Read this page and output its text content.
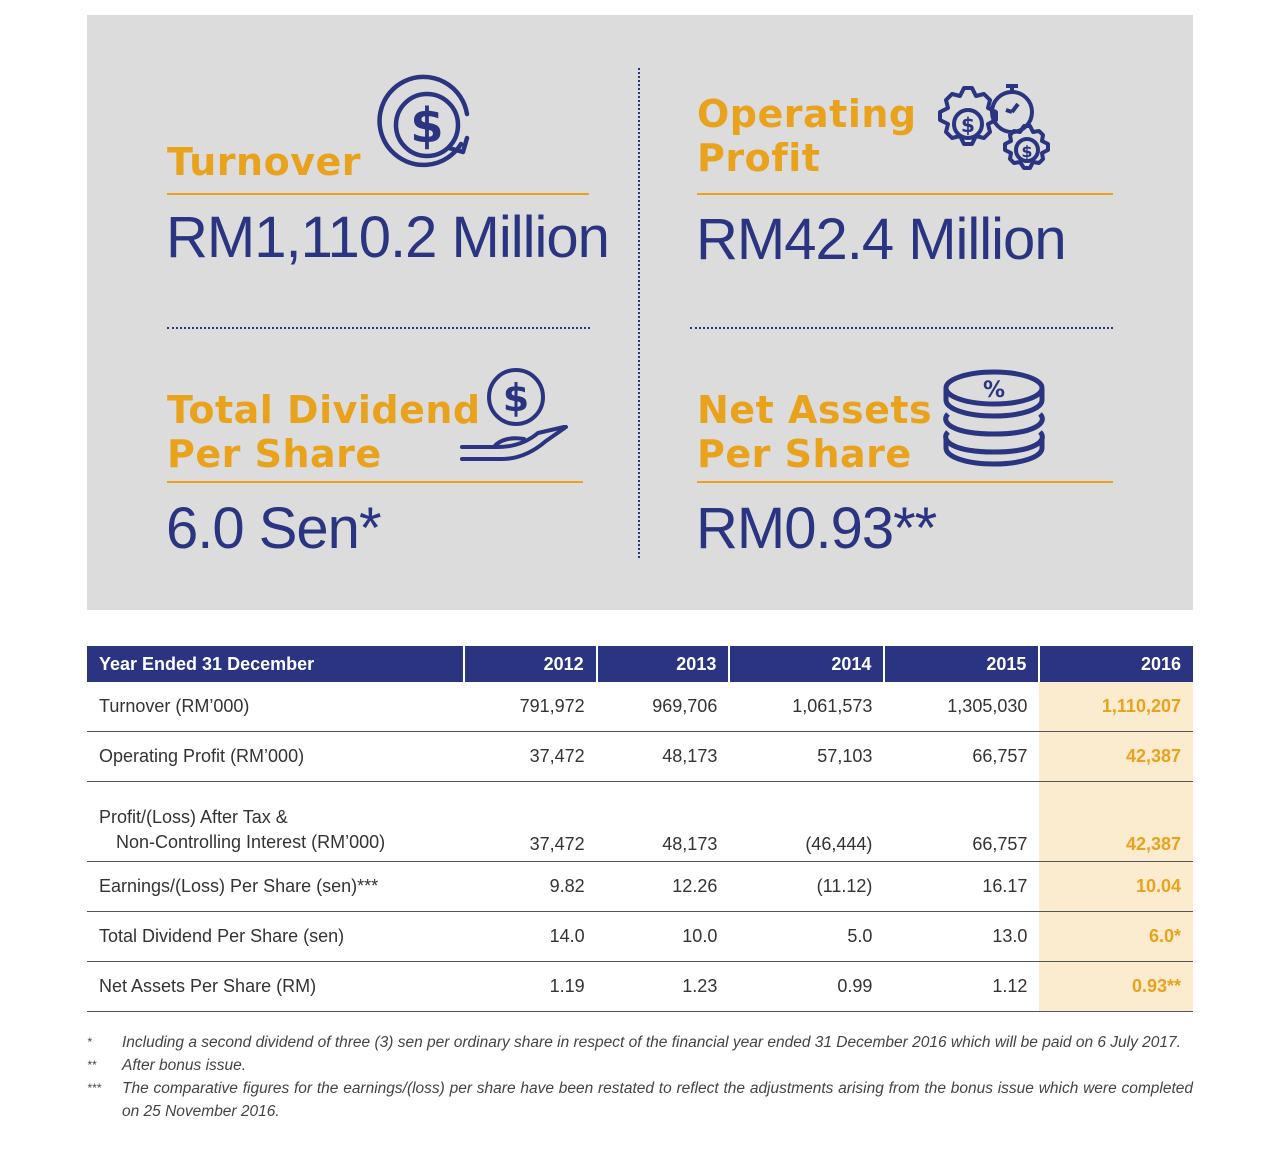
Turnover
$
RM1,110.2 Million
Operating
Profit
$
$
RM42.4 Million
Total Dividend
Per Share
$
6.0 Sen*
Net Assets
Per Share
%
RM0.93**
Year Ended 31 December	2012	2013	2014	2015	2016
Turnover (RM’000)	791,972	969,706	1,061,573	1,305,030	1,110,207
Operating Profit (RM’000)	37,472	48,173	57,103	66,757	42,387
Profit/(Loss) After Tax &
Non-Controlling Interest (RM’000)	37,472	48,173	(46,444)	66,757	42,387
Earnings/(Loss) Per Share (sen)***	9.82	12.26	(11.12)	16.17	10.04
Total Dividend Per Share (sen)	14.0	10.0	5.0	13.0	6.0*
Net Assets Per Share (RM)	1.19	1.23	0.99	1.12	0.93**
*	Including a second dividend of three (3) sen per ordinary share in respect of the financial year ended 31 December 2016 which will be paid on 6 July 2017.
**	After bonus issue.
***	The comparative figures for the earnings/(loss) per share have been restated to reflect the adjustments arising from the bonus issue which were completed on 25 November 2016.
